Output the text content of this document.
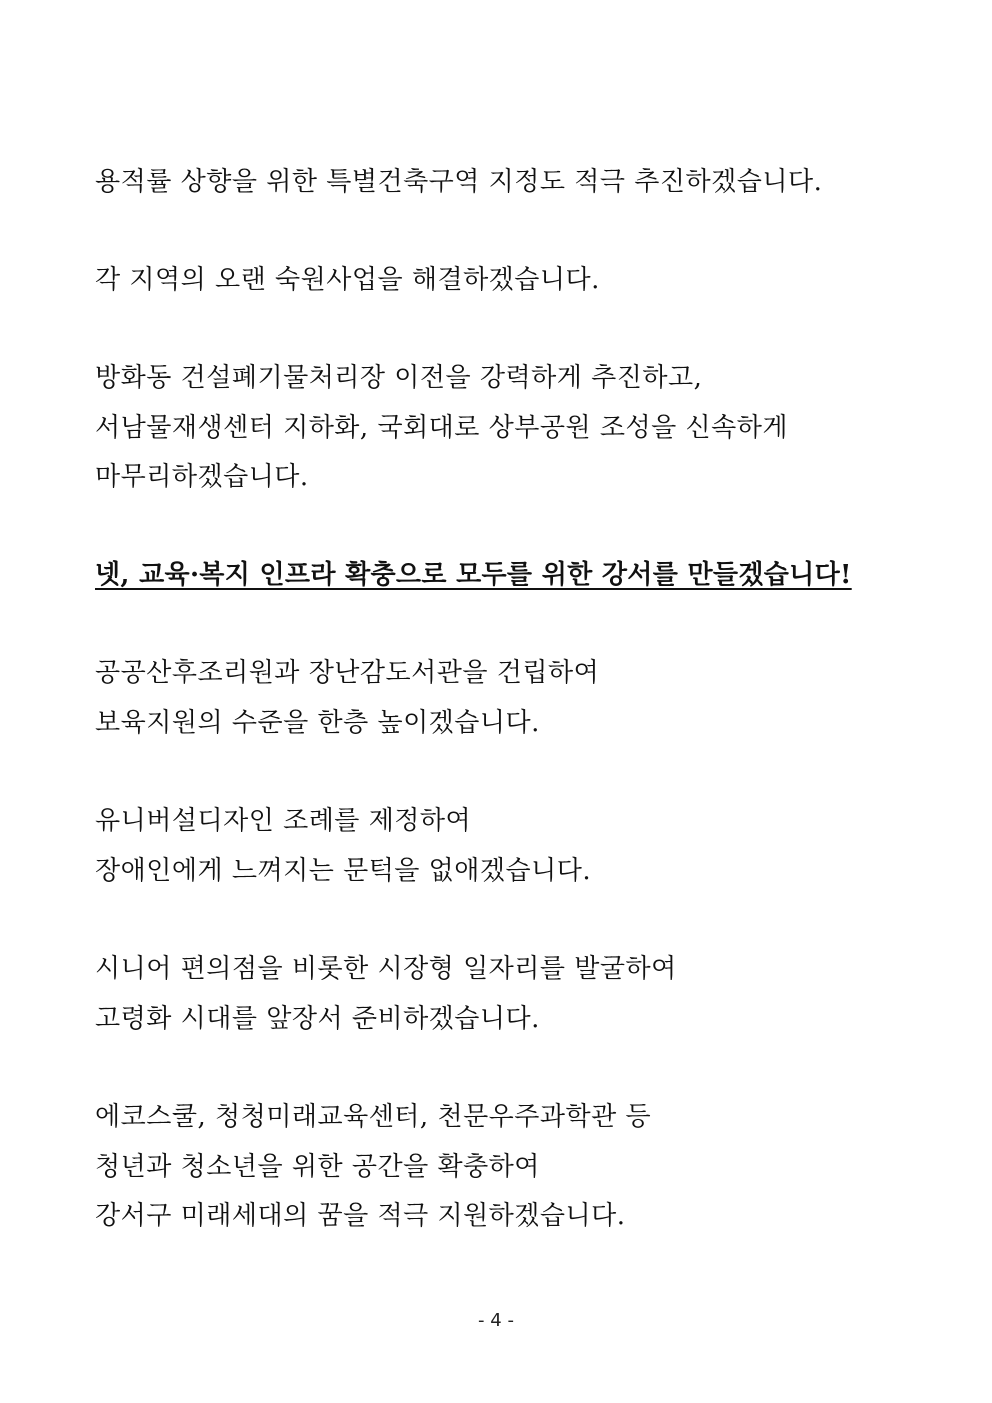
용적률 상향을 위한 특별건축구역 지정도 적극 추진하겠습니다.
각 지역의 오랜 숙원사업을 해결하겠습니다.
방화동 건설폐기물처리장 이전을 강력하게 추진하고,
서남물재생센터 지하화, 국회대로 상부공원 조성을 신속하게
마무리하겠습니다.
넷, 교육·복지 인프라 확충으로 모두를 위한 강서를 만들겠습니다!
공공산후조리원과 장난감도서관을 건립하여
보육지원의 수준을 한층 높이겠습니다.
유니버설디자인 조례를 제정하여
장애인에게 느껴지는 문턱을 없애겠습니다.
시니어 편의점을 비롯한 시장형 일자리를 발굴하여
고령화 시대를 앞장서 준비하겠습니다.
에코스쿨, 청청미래교육센터, 천문우주과학관 등
청년과 청소년을 위한 공간을 확충하여
강서구 미래세대의 꿈을 적극 지원하겠습니다.
- 4 -
